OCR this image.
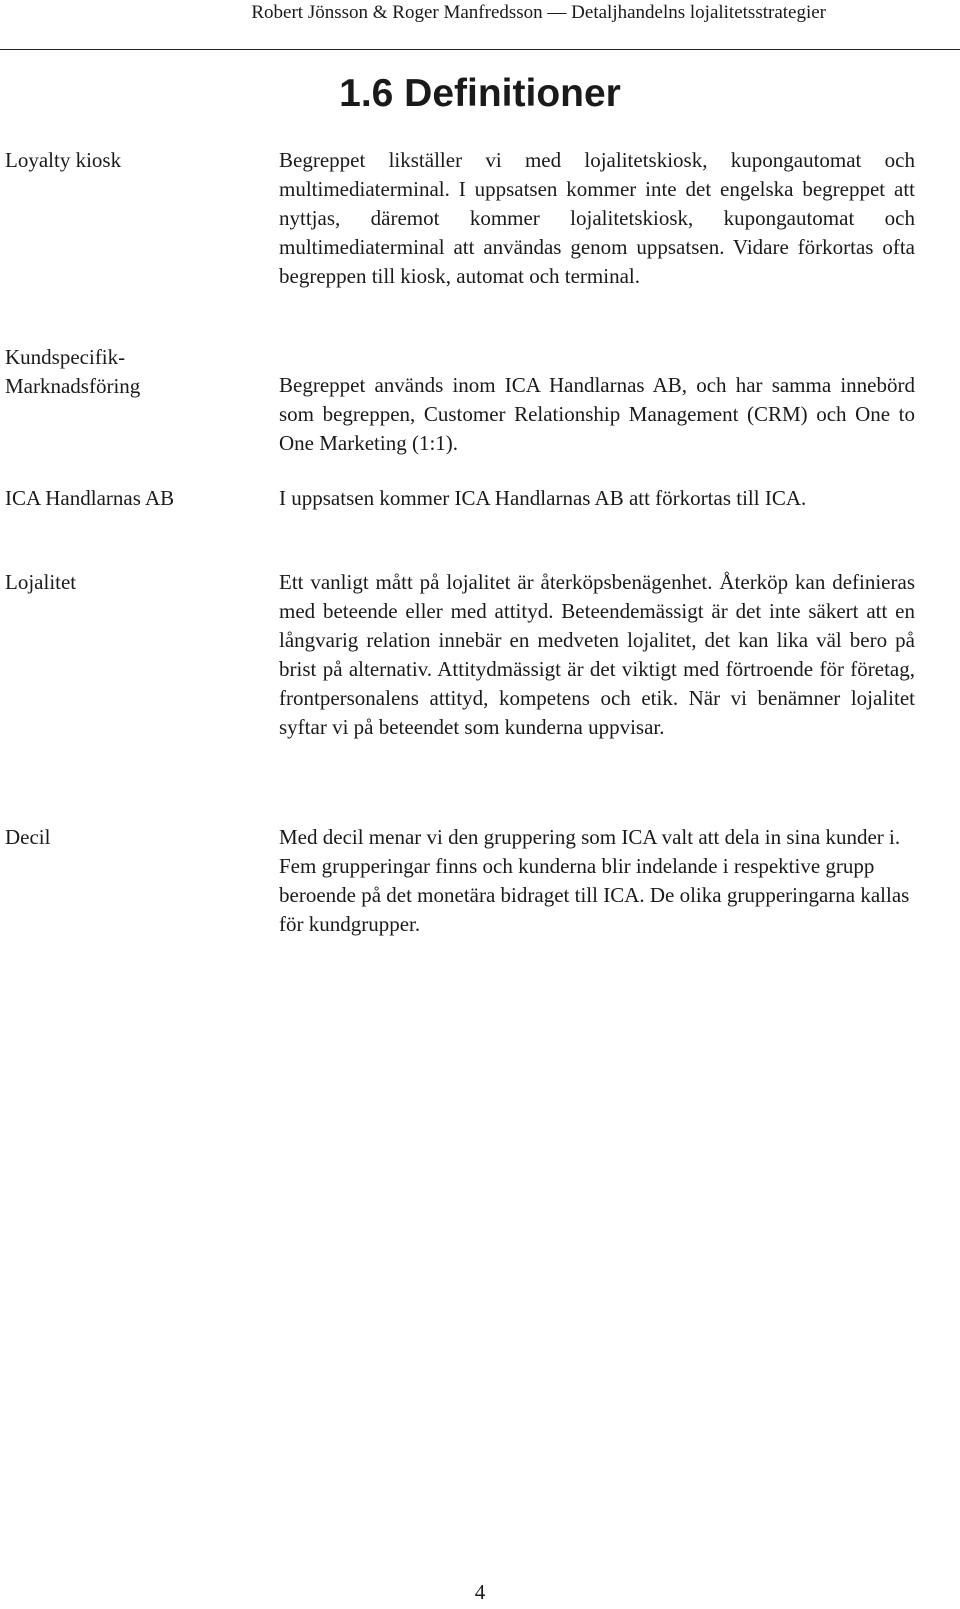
Robert Jönsson & Roger Manfredsson — Detaljhandelns lojalitetsstrategier
1.6 Definitioner

Loyalty kiosk	Begreppet likställer vi med lojalitetskiosk, kupongautomat och multimediaterminal. I uppsatsen kommer inte det engelska begreppet att nyttjas, däremot kommer lojalitetskiosk, kupongautomat och multimediaterminal att användas genom uppsatsen. Vidare förkortas ofta begreppen till kiosk, automat och terminal.

Kundspecifik-
Marknadsföring	Begreppet används inom ICA Handlarnas AB, och har samma innebörd som begreppen, Customer Relationship Management (CRM) och One to One Marketing (1:1).

ICA Handlarnas AB	I uppsatsen kommer ICA Handlarnas AB att förkortas till ICA.

Lojalitet	Ett vanligt mått på lojalitet är återköpsbenägenhet. Återköp kan definieras med beteende eller med attityd. Beteendemässigt är det inte säkert att en långvarig relation innebär en medveten lojalitet, det kan lika väl bero på brist på alternativ. Attitydmässigt är det viktigt med förtroende för företag, frontpersonalens attityd, kompetens och etik. När vi benämner lojalitet syftar vi på beteendet som kunderna uppvisar.

Decil	Med decil menar vi den gruppering som ICA valt att dela in sina kunder i. Fem grupperingar finns och kunderna blir indelande i respektive grupp beroende på det monetära bidraget till ICA. De olika grupperingarna kallas för kundgrupper.

4
